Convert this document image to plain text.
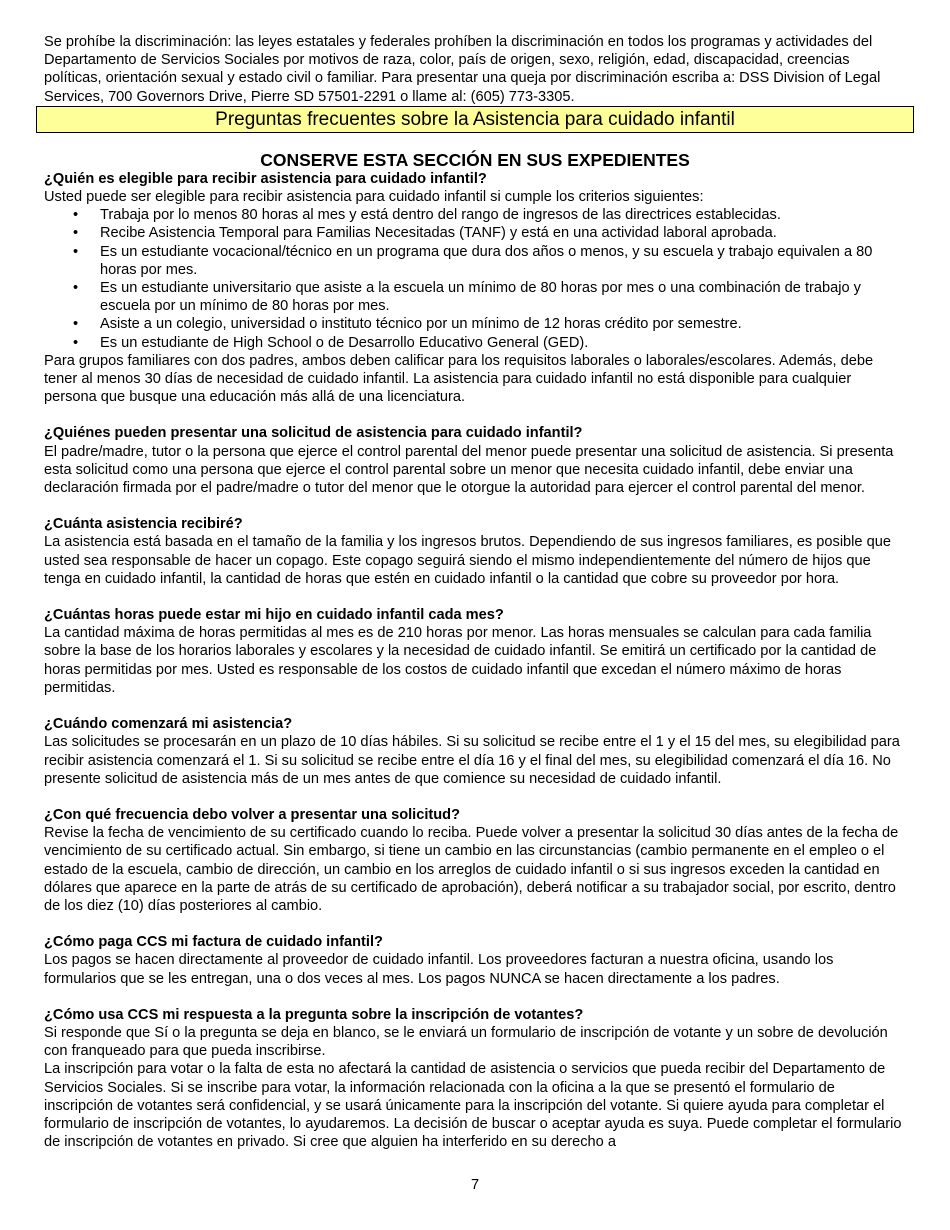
Se prohíbe la discriminación: las leyes estatales y federales prohíben la discriminación en todos los programas y actividades del Departamento de Servicios Sociales por motivos de raza, color, país de origen, sexo, religión, edad, discapacidad, creencias políticas, orientación sexual y estado civil o familiar. Para presentar una queja por discriminación escriba a: DSS Division of Legal Services, 700 Governors Drive, Pierre SD 57501-2291 o llame al: (605) 773-3305.

Preguntas frecuentes sobre la Asistencia para cuidado infantil
CONSERVE ESTA SECCIÓN EN SUS EXPEDIENTES

¿Quién es elegible para recibir asistencia para cuidado infantil?

Usted puede ser elegible para recibir asistencia para cuidado infantil si cumple los criterios siguientes:

• Trabaja por lo menos 80 horas al mes y está dentro del rango de ingresos de las directrices establecidas.
• Recibe Asistencia Temporal para Familias Necesitadas (TANF) y está en una actividad laboral aprobada.
• Es un estudiante vocacional/técnico en un programa que dura dos años o menos, y su escuela y trabajo equivalen a 80 horas por mes.
• Es un estudiante universitario que asiste a la escuela un mínimo de 80 horas por mes o una combinación de trabajo y escuela por un mínimo de 80 horas por mes.
• Asiste a un colegio, universidad o instituto técnico por un mínimo de 12 horas crédito por semestre.
• Es un estudiante de High School o de Desarrollo Educativo General (GED).

Para grupos familiares con dos padres, ambos deben calificar para los requisitos laborales o laborales/escolares. Además, debe tener al menos 30 días de necesidad de cuidado infantil. La asistencia para cuidado infantil no está disponible para cualquier persona que busque una educación más allá de una licenciatura.

¿Quiénes pueden presentar una solicitud de asistencia para cuidado infantil?

El padre/madre, tutor o la persona que ejerce el control parental del menor puede presentar una solicitud de asistencia. Si presenta esta solicitud como una persona que ejerce el control parental sobre un menor que necesita cuidado infantil, debe enviar una declaración firmada por el padre/madre o tutor del menor que le otorgue la autoridad para ejercer el control parental del menor.

¿Cuánta asistencia recibiré?

La asistencia está basada en el tamaño de la familia y los ingresos brutos. Dependiendo de sus ingresos familiares, es posible que usted sea responsable de hacer un copago. Este copago seguirá siendo el mismo independientemente del número de hijos que tenga en cuidado infantil, la cantidad de horas que estén en cuidado infantil o la cantidad que cobre su proveedor por hora.

¿Cuántas horas puede estar mi hijo en cuidado infantil cada mes?

La cantidad máxima de horas permitidas al mes es de 210 horas por menor. Las horas mensuales se calculan para cada familia sobre la base de los horarios laborales y escolares y la necesidad de cuidado infantil. Se emitirá un certificado por la cantidad de horas permitidas por mes. Usted es responsable de los costos de cuidado infantil que excedan el número máximo de horas permitidas.

¿Cuándo comenzará mi asistencia?

Las solicitudes se procesarán en un plazo de 10 días hábiles. Si su solicitud se recibe entre el 1 y el 15 del mes, su elegibilidad para recibir asistencia comenzará el 1. Si su solicitud se recibe entre el día 16 y el final del mes, su elegibilidad comenzará el día 16. No presente solicitud de asistencia más de un mes antes de que comience su necesidad de cuidado infantil.

¿Con qué frecuencia debo volver a presentar una solicitud?

Revise la fecha de vencimiento de su certificado cuando lo reciba. Puede volver a presentar la solicitud 30 días antes de la fecha de vencimiento de su certificado actual. Sin embargo, si tiene un cambio en las circunstancias (cambio permanente en el empleo o el estado de la escuela, cambio de dirección, un cambio en los arreglos de cuidado infantil o si sus ingresos exceden la cantidad en dólares que aparece en la parte de atrás de su certificado de aprobación), deberá notificar a su trabajador social, por escrito, dentro de los diez (10) días posteriores al cambio.

¿Cómo paga CCS mi factura de cuidado infantil?

Los pagos se hacen directamente al proveedor de cuidado infantil. Los proveedores facturan a nuestra oficina, usando los formularios que se les entregan, una o dos veces al mes. Los pagos NUNCA se hacen directamente a los padres.

¿Cómo usa CCS mi respuesta a la pregunta sobre la inscripción de votantes?

Si responde que Sí o la pregunta se deja en blanco, se le enviará un formulario de inscripción de votante y un sobre de devolución con franqueado para que pueda inscribirse.

La inscripción para votar o la falta de esta no afectará la cantidad de asistencia o servicios que pueda recibir del Departamento de Servicios Sociales. Si se inscribe para votar, la información relacionada con la oficina a la que se presentó el formulario de inscripción de votantes será confidencial, y se usará únicamente para la inscripción del votante. Si quiere ayuda para completar el formulario de inscripción de votantes, lo ayudaremos. La decisión de buscar o aceptar ayuda es suya. Puede completar el formulario de inscripción de votantes en privado. Si cree que alguien ha interferido en su derecho a

7
